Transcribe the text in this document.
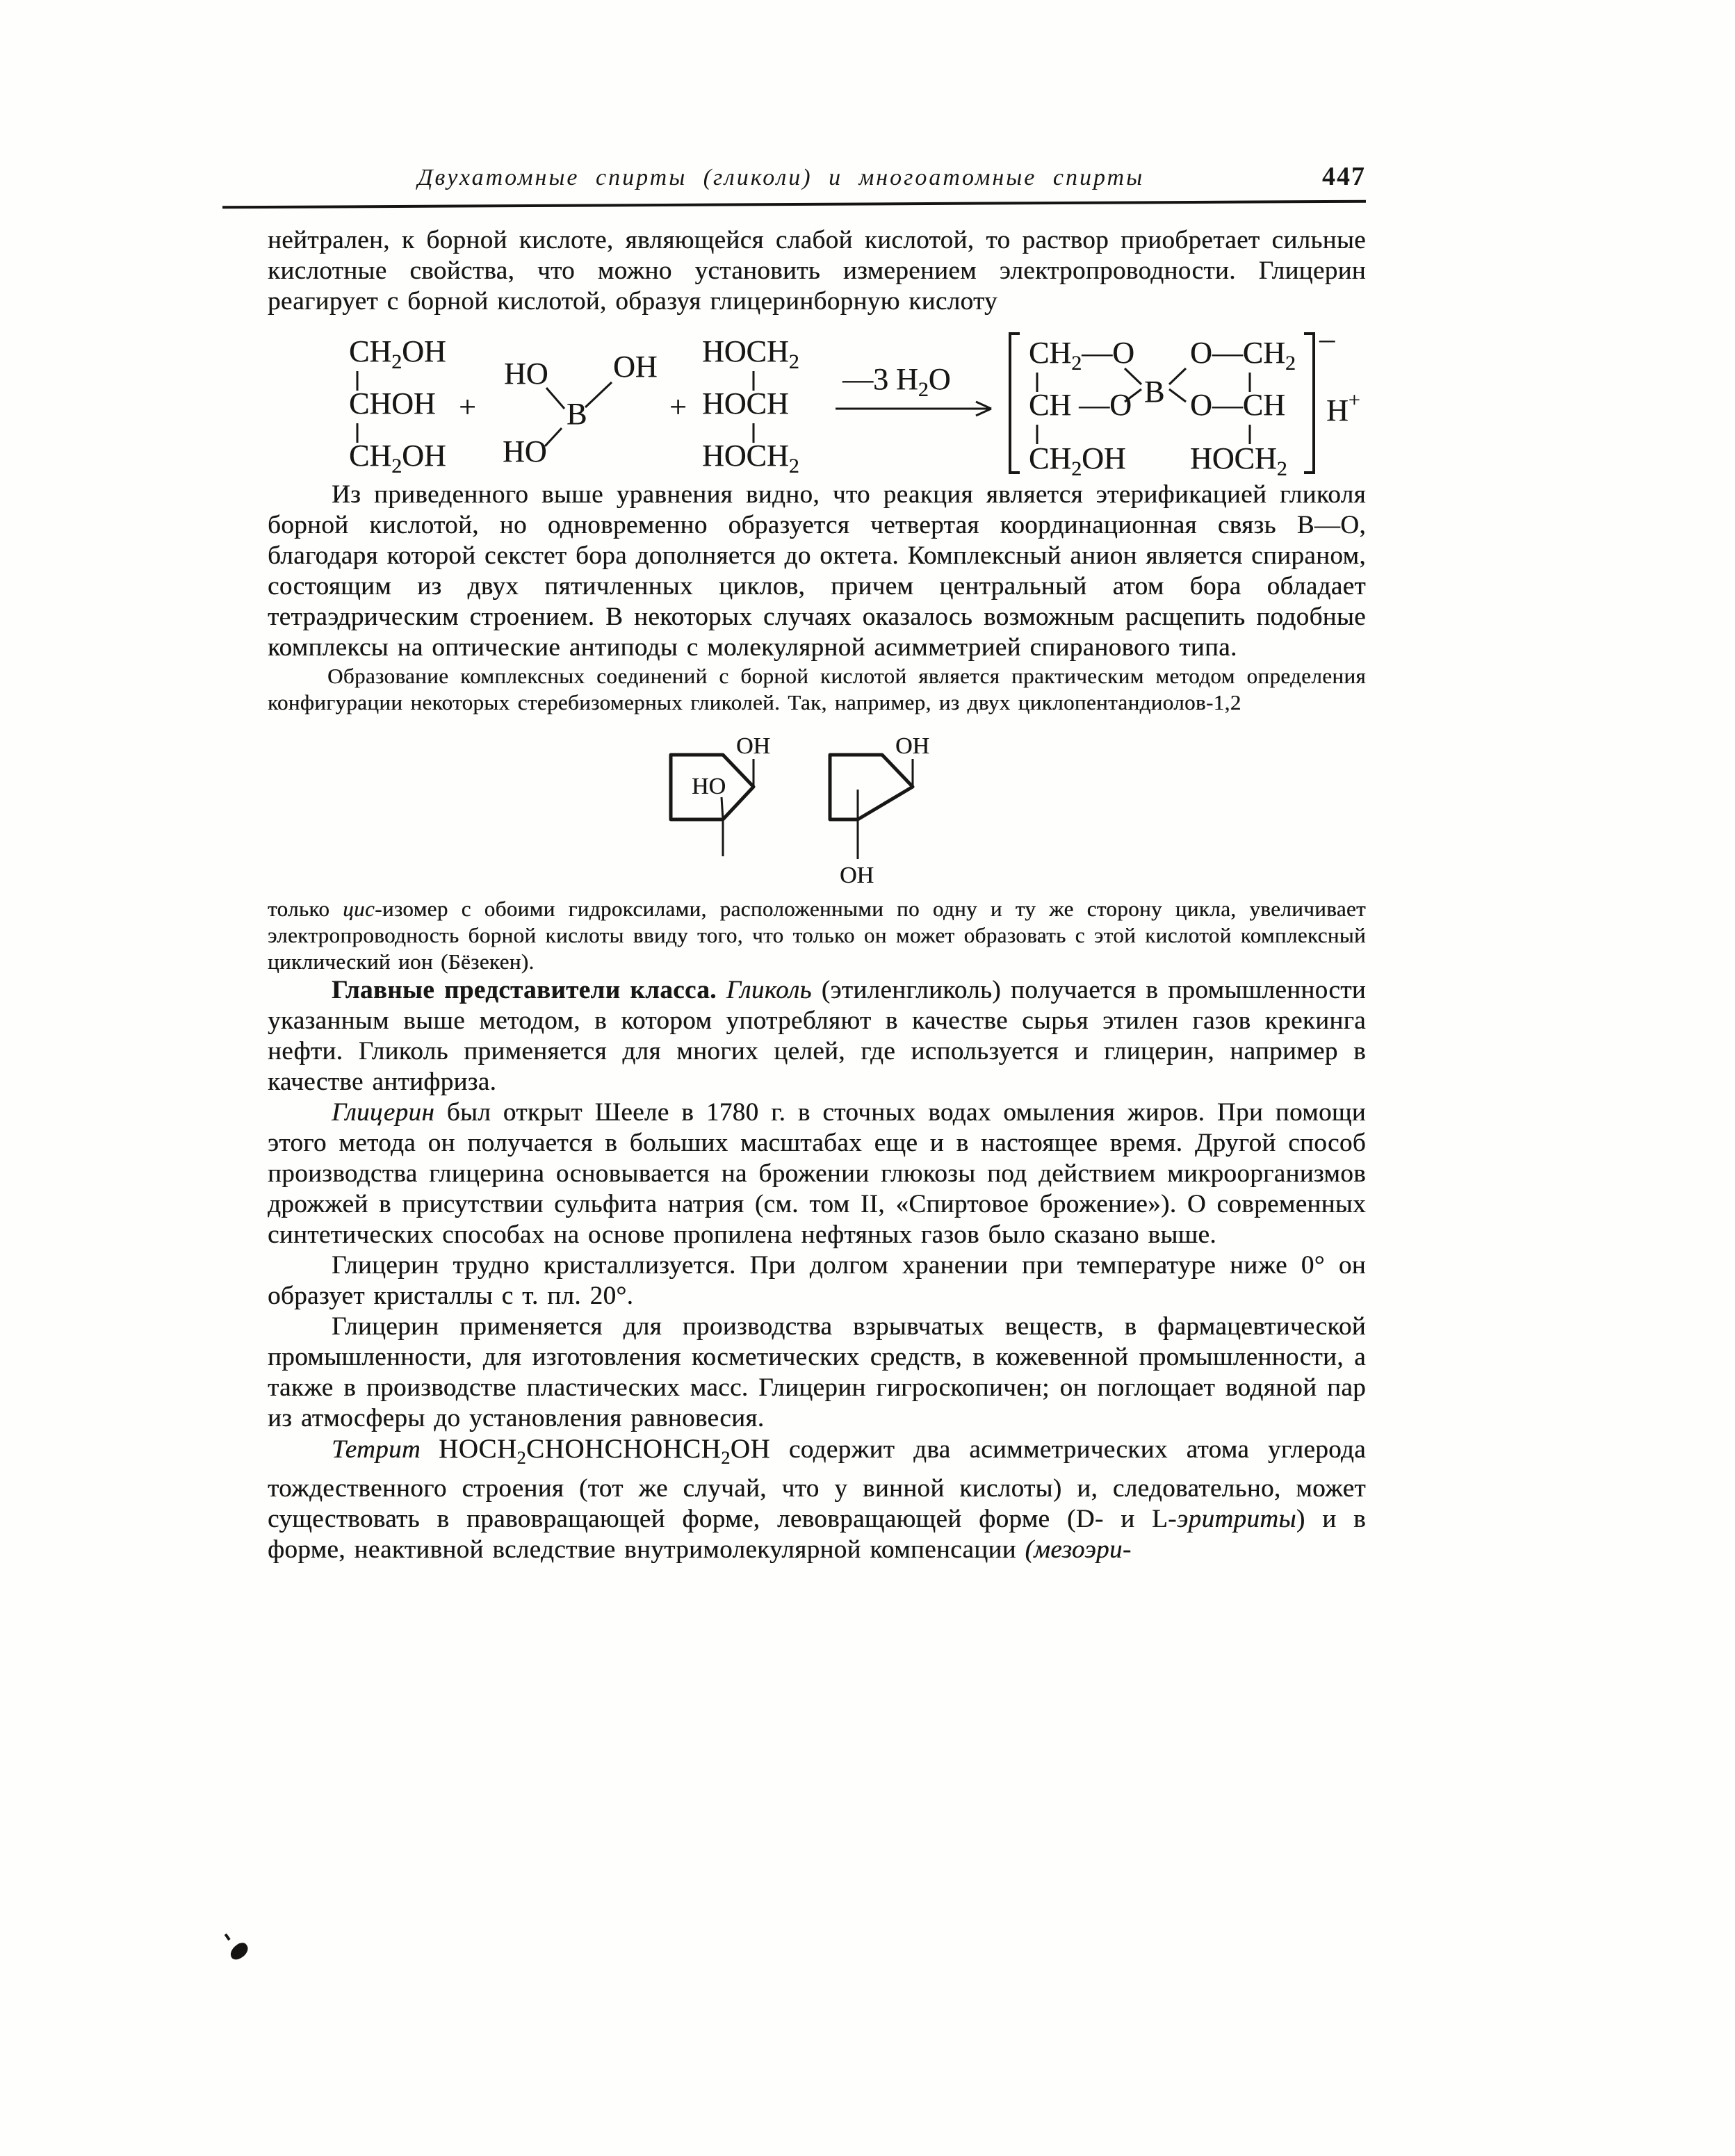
Двухатомные спирты (гликоли) и многоатомные спирты	447

нейтрален, к борной кислоте, являющейся слабой кислотой, то раствор приобретает сильные кислотные свойства, что можно установить измерением электропроводности. Глицерин реагирует с борной кислотой, образуя глицеринборную кислоту

$CH_2OH$
CHOH
$CH_2OH$
+
HO OH
B
HO
+
$HOCH_2$
HOCH
$HOCH_2$
—3 $H_2O$
$CH_2—O$
CH —O
$CH_2OH$
B
$O—CH_2$
O—CH
$HOCH_2$
–
H+

Из приведенного выше уравнения видно, что реакция является этерификацией гликоля борной кислотой, но одновременно образуется четвертая координационная связь В—О, благодаря которой секстет бора дополняется до октета. Комплексный анион является спираном, состоящим из двух пятичленных циклов, причем центральный атом бора обладает тетраэдрическим строением. В некоторых случаях оказалось возможным расщепить подобные комплексы на оптические антиподы с молекулярной асимметрией спиранового типа.

Образование комплексных соединений с борной кислотой является практическим методом определения конфигурации некоторых стеребизомерных гликолей. Так, например, из двух циклопентандиолов-1,2

OH
HO
OH
OH

только цис-изомер с обоими гидроксилами, расположенными по одну и ту же сторону цикла, увеличивает электропроводность борной кислоты ввиду того, что только он может образовать с этой кислотой комплексный циклический ион (Бёзекен).

Главные представители класса. Гликоль (этиленгликоль) получается в промышленности указанным выше методом, в котором употребляют в качестве сырья этилен газов крекинга нефти. Гликоль применяется для многих целей, где используется и глицерин, например в качестве антифриза.

Глицерин был открыт Шееле в 1780 г. в сточных водах омыления жиров. При помощи этого метода он получается в больших масштабах еще и в настоящее время. Другой способ производства глицерина основывается на брожении глюкозы под действием микроорганизмов дрожжей в присутствии сульфита натрия (см. том II, «Спиртовое брожение»). О современных синтетических способах на основе пропилена нефтяных газов было сказано выше.

Глицерин трудно кристаллизуется. При долгом хранении при температуре ниже 0° он образует кристаллы с т. пл. 20°.

Глицерин применяется для производства взрывчатых веществ, в фармацевтической промышленности, для изготовления косметических средств, в кожевенной промышленности, а также в производстве пластических масс. Глицерин гигроскопичен; он поглощает водяной пар из атмосферы до установления равновесия.

Тетрит $HOCH_2CHOHCHOHCH_2OH$ содержит два асимметрических атома углерода тождественного строения (тот же случай, что у винной кислоты) и, следовательно, может существовать в правовращающей форме, левовращающей форме (D- и L-эритриты) и в форме, неактивной вследствие внутримолекулярной компенсации (мезоэри-
